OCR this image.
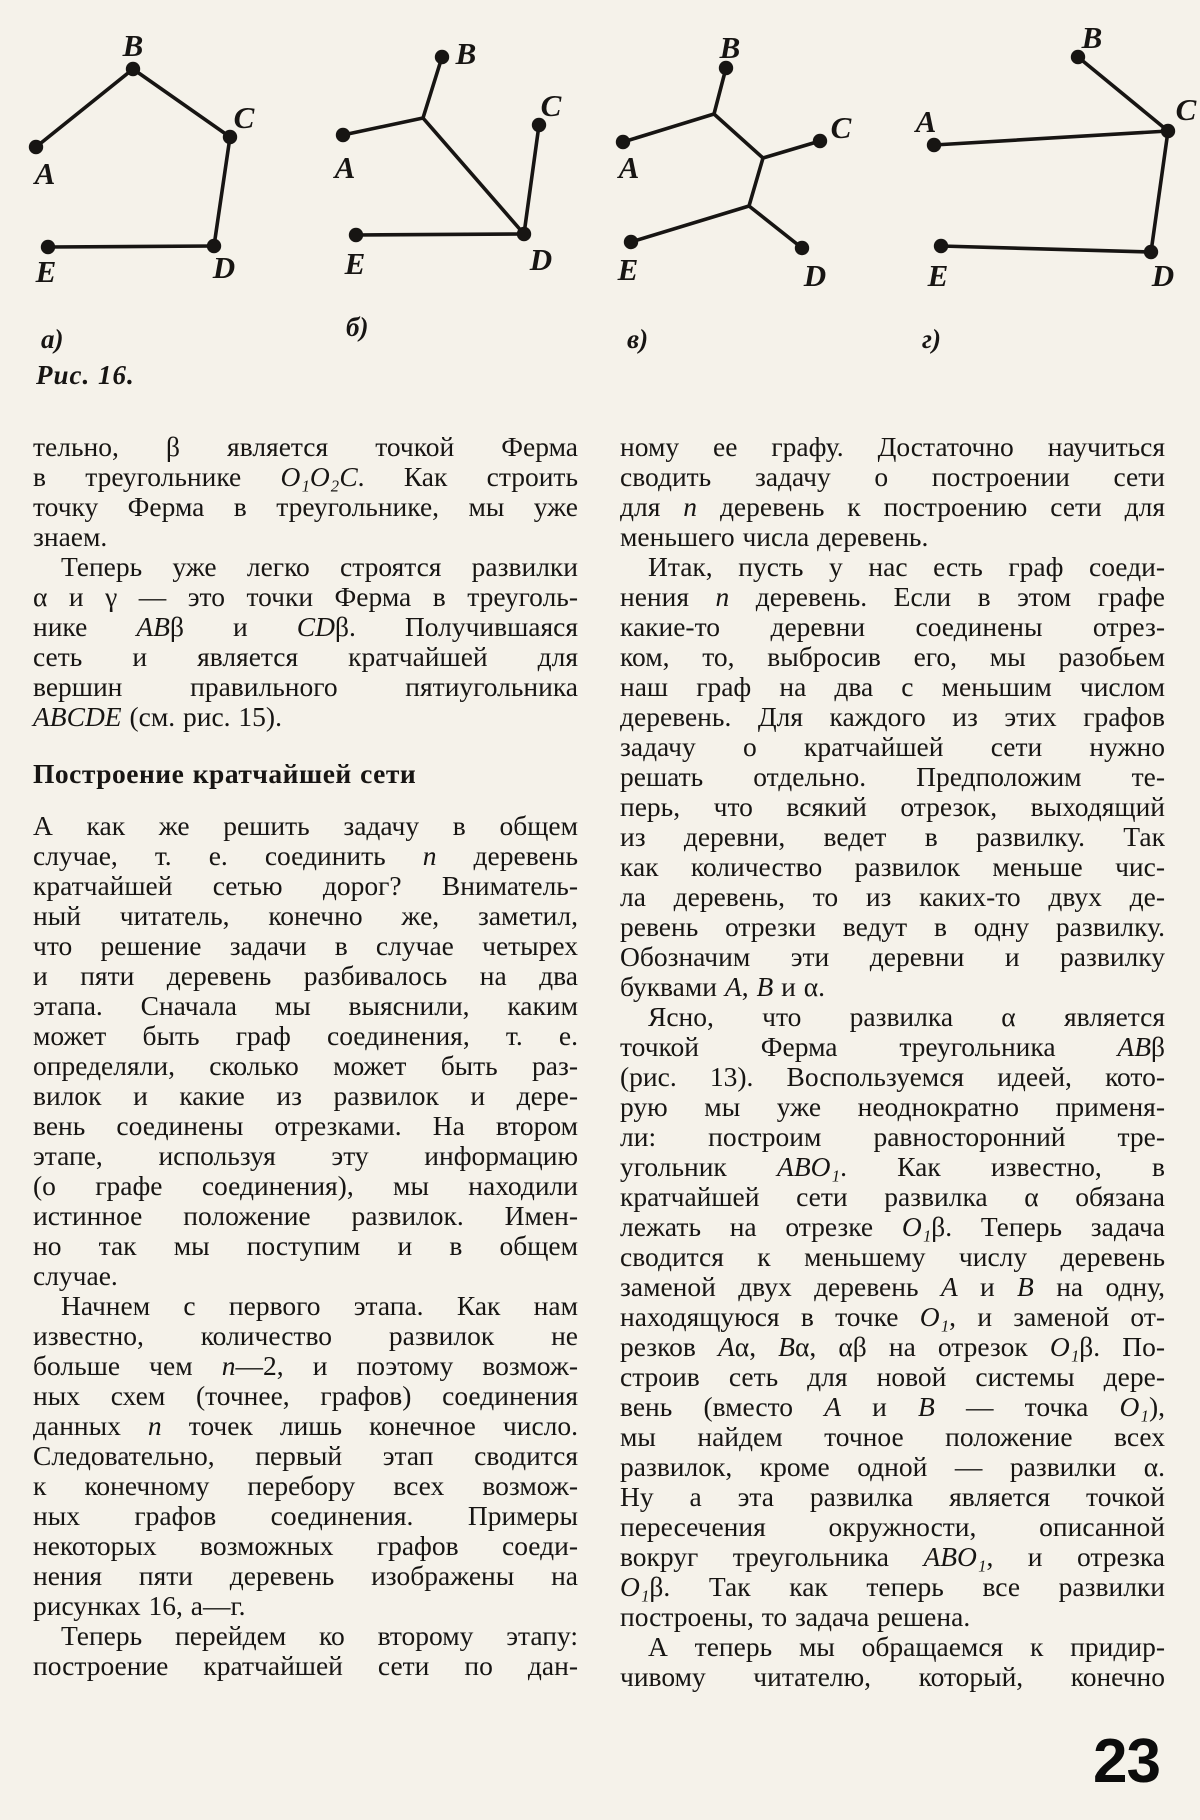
A
B
C
D
E
а)
A
B
C
D
E
б)
A
B
C
D
E
в)
A
B
C
D
E
г)
Рис. 16.
тельно, β является точкой Ферма
в треугольнике O₁O₂C. Как строить
точку Ферма в треугольнике, мы уже
знаем.
Теперь уже легко строятся развилки
α и γ — это точки Ферма в треуголь-
нике ABβ и CDβ. Получившаяся
сеть и является кратчайшей для
вершин правильного пятиугольника
ABCDE (см. рис. 15).
Построение кратчайшей сети
А как же решить задачу в общем
случае, т. е. соединить n деревень
кратчайшей сетью дорог? Вниматель-
ный читатель, конечно же, заметил,
что решение задачи в случае четырех
и пяти деревень разбивалось на два
этапа. Сначала мы выяснили, каким
может быть граф соединения, т. е.
определяли, сколько может быть раз-
вилок и какие из развилок и дере-
вень соединены отрезками. На втором
этапе, используя эту информацию
(о графе соединения), мы находили
истинное положение развилок. Имен-
но так мы поступим и в общем
случае.
Начнем с первого этапа. Как нам
известно, количество развилок не
больше чем n—2, и поэтому возмож-
ных схем (точнее, графов) соединения
данных n точек лишь конечное число.
Следовательно, первый этап сводится
к конечному перебору всех возмож-
ных графов соединения. Примеры
некоторых возможных графов соеди-
нения пяти деревень изображены на
рисунках 16, а—г.
Теперь перейдем ко второму этапу:
построение кратчайшей сети по дан-
ному ее графу. Достаточно научиться
сводить задачу о построении сети
для n деревень к построению сети для
меньшего числа деревень.
Итак, пусть у нас есть граф соеди-
нения n деревень. Если в этом графе
какие-то деревни соединены отрез-
ком, то, выбросив его, мы разобьем
наш граф на два с меньшим числом
деревень. Для каждого из этих графов
задачу о кратчайшей сети нужно
решать отдельно. Предположим те-
перь, что всякий отрезок, выходящий
из деревни, ведет в развилку. Так
как количество развилок меньше чис-
ла деревень, то из каких-то двух де-
ревень отрезки ведут в одну развилку.
Обозначим эти деревни и развилку
буквами A, B и α.
Ясно, что развилка α является
точкой Ферма треугольника ABβ
(рис. 13). Воспользуемся идеей, кото-
рую мы уже неоднократно применя-
ли: построим равносторонний тре-
угольник ABO₁. Как известно, в
кратчайшей сети развилка α обязана
лежать на отрезке O₁β. Теперь задача
сводится к меньшему числу деревень
заменой двух деревень A и B на одну,
находящуюся в точке O₁, и заменой от-
резков Aα, Bα, αβ на отрезок O₁β. По-
строив сеть для новой системы дере-
вень (вместо A и B — точка O₁),
мы найдем точное положение всех
развилок, кроме одной — развилки α.
Ну а эта развилка является точкой
пересечения окружности, описанной
вокруг треугольника ABO₁, и отрезка
O₁β. Так как теперь все развилки
построены, то задача решена.
А теперь мы обращаемся к придир-
чивому читателю, который, конечно
23
